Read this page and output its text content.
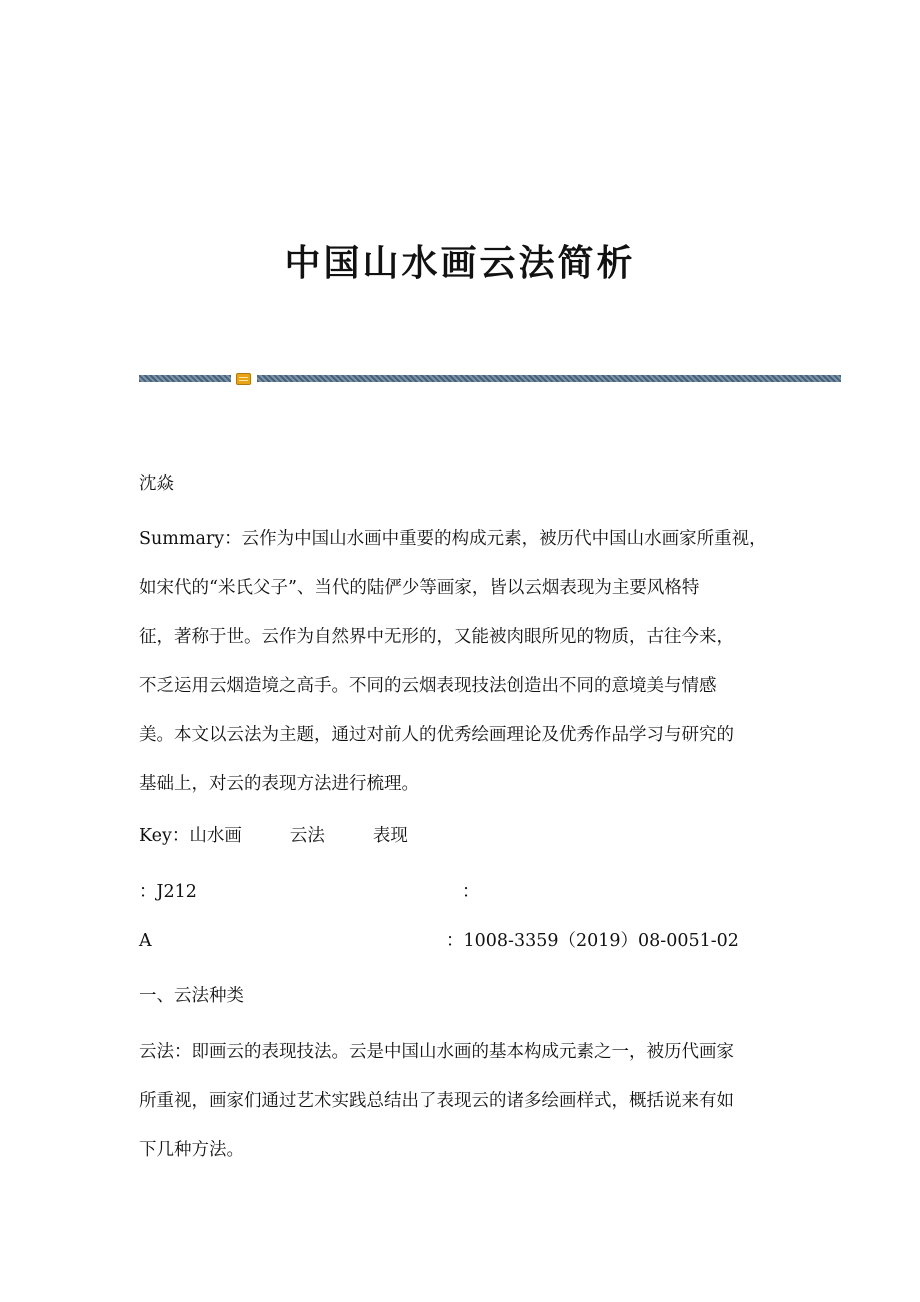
中国山水画云法简析
沈焱
Summary：云作为中国山水画中重要的构成元素，被历代中国山水画家所重视，
如宋代的“米氏父子”、当代的陆俨少等画家，皆以云烟表现为主要风格特
征，著称于世。云作为自然界中无形的，又能被肉眼所见的物质，古往今来，
不乏运用云烟造境之高手。不同的云烟表现技法创造出不同的意境美与情感
美。本文以云法为主题，通过对前人的优秀绘画理论及优秀作品学习与研究的
基础上，对云的表现方法进行梳理。
Key：山水画	云法	表现
：J212	：
A	：1008-3359（2019）08-0051-02
一、云法种类
云法：即画云的表现技法。云是中国山水画的基本构成元素之一，被历代画家
所重视，画家们通过艺术实践总结出了表现云的诸多绘画样式，概括说来有如
下几种方法。
